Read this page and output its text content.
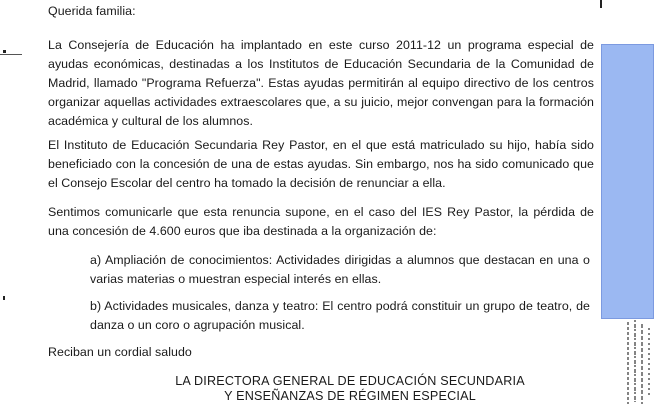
Querida familia:
La Consejería de Educación ha implantado en este curso 2011-12 un programa especial de ayudas económicas, destinadas a los Institutos de Educación Secundaria de la Comunidad de Madrid, llamado "Programa Refuerza". Estas ayudas permitirán al equipo directivo de los centros organizar aquellas actividades extraescolares que, a su juicio, mejor convengan para la formación académica y cultural de los alumnos.
El Instituto de Educación Secundaria Rey Pastor, en el que está matriculado su hijo, había sido beneficiado con la concesión de una de estas ayudas. Sin embargo, nos ha sido comunicado que el Consejo Escolar del centro ha tomado la decisión de renunciar a ella.
Sentimos comunicarle que esta renuncia supone, en el caso del IES Rey Pastor, la pérdida de una concesión de 4.600 euros que iba destinada a la organización de:
a) Ampliación de conocimientos: Actividades dirigidas a alumnos que destacan en una o varias materias o muestran especial interés en ellas.
b) Actividades musicales, danza y teatro: El centro podrá constituir un grupo de teatro, de danza o un coro o agrupación musical.
Reciban un cordial saludo
LA DIRECTORA GENERAL DE EDUCACIÓN SECUNDARIA
Y ENSEÑANZAS DE RÉGIMEN ESPECIAL
